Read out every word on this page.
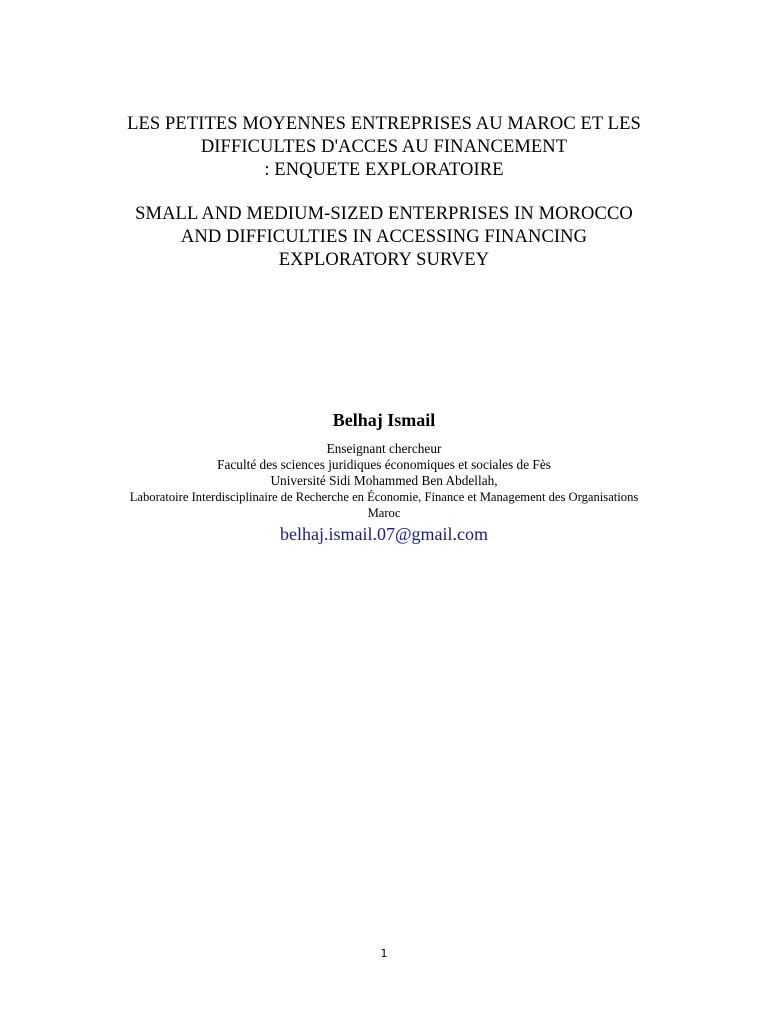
LES PETITES MOYENNES ENTREPRISES AU MAROC ET LES
DIFFICULTES D'ACCES AU FINANCEMENT
: ENQUETE EXPLORATOIRE
SMALL AND MEDIUM-SIZED ENTERPRISES IN MOROCCO
AND DIFFICULTIES IN ACCESSING FINANCING
EXPLORATORY SURVEY
Belhaj Ismail
Enseignant chercheur
Faculté des sciences juridiques économiques et sociales de Fès
Université Sidi Mohammed Ben Abdellah,
Laboratoire Interdisciplinaire de Recherche en Économie, Finance et Management des Organisations
Maroc
belhaj.ismail.07@gmail.com
1
